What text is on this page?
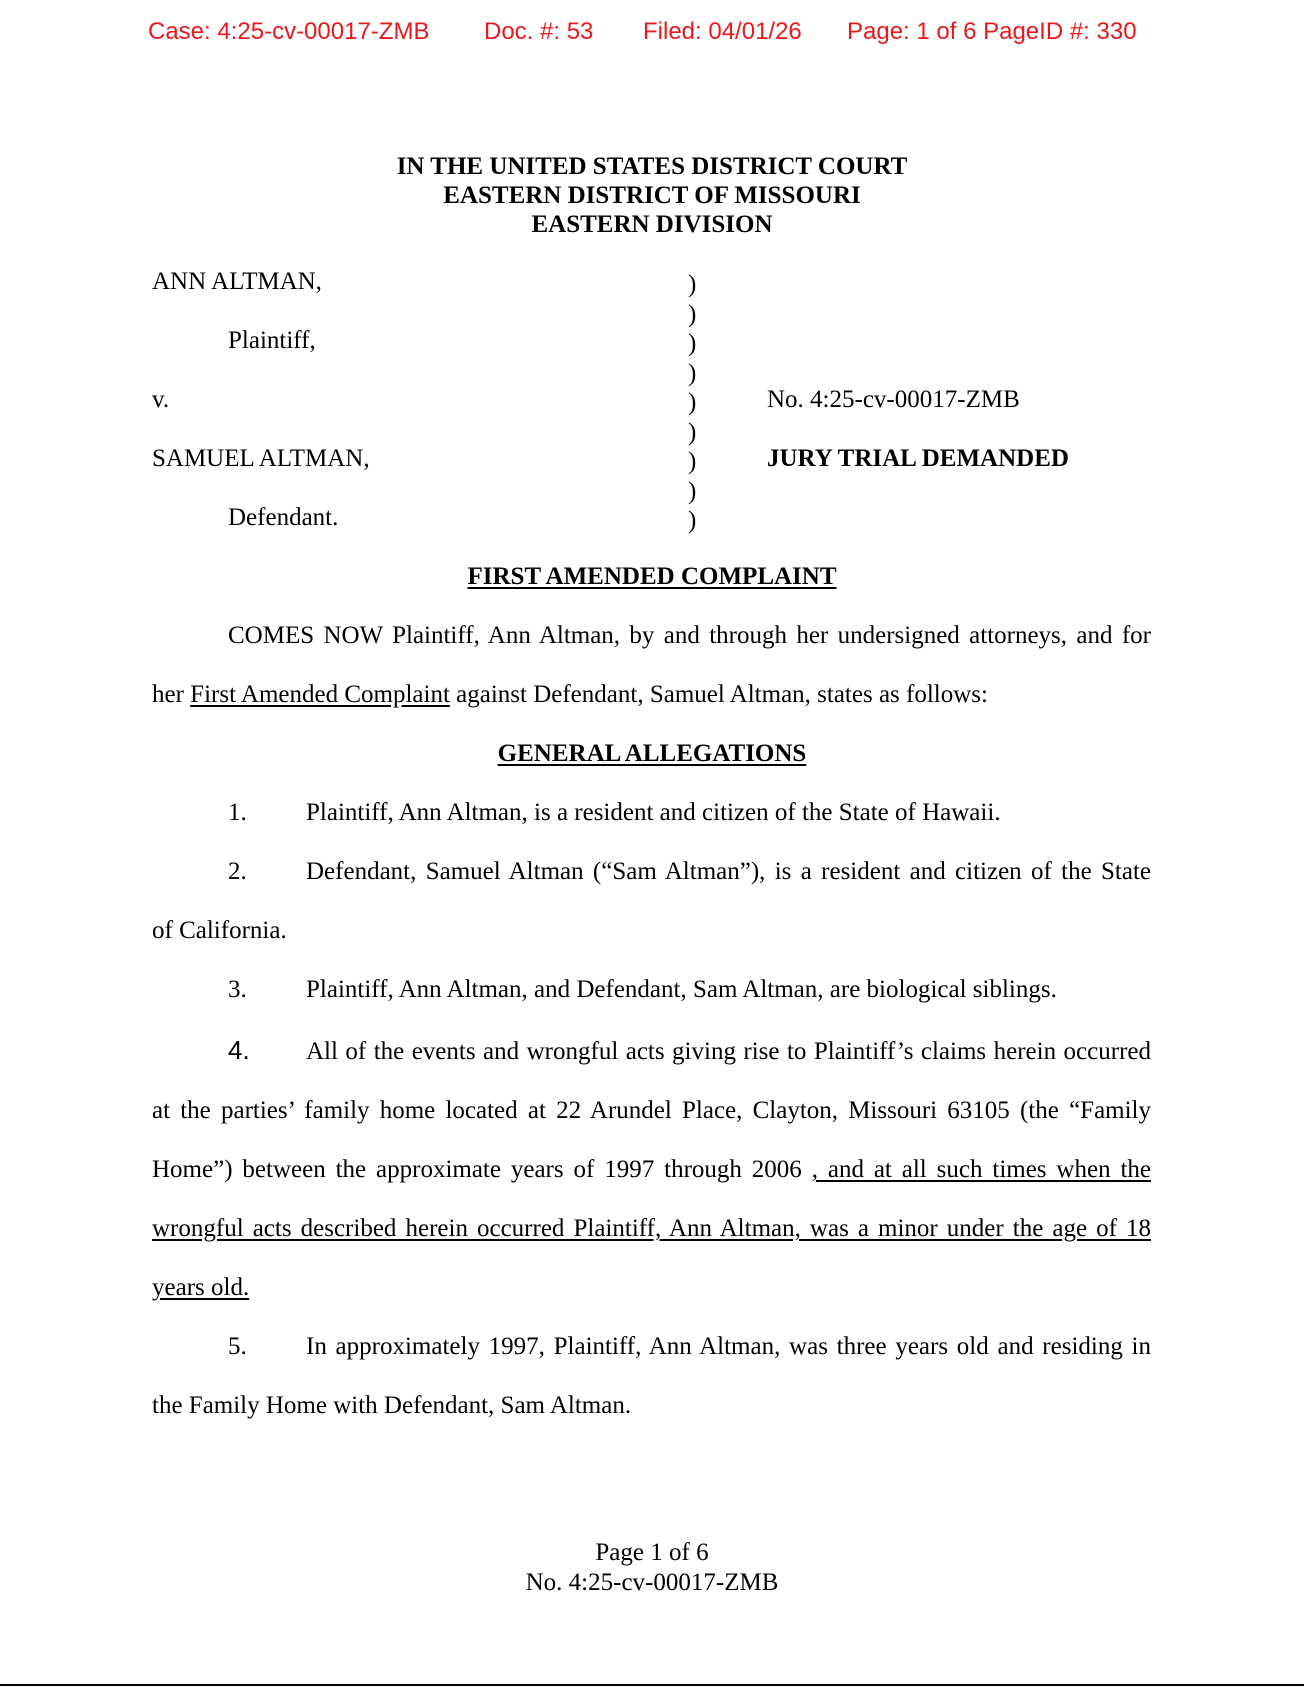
Case: 4:25-cv-00017-ZMB Doc. #: 53 Filed: 04/01/26 Page: 1 of 6 PageID #: 330
IN THE UNITED STATES DISTRICT COURT
EASTERN DISTRICT OF MISSOURI
EASTERN DIVISION
ANN ALTMAN,
Plaintiff,
v.
SAMUEL ALTMAN,
Defendant.
)
)
)
)
)
)
)
)
)
No. 4:25-cv-00017-ZMB
JURY TRIAL DEMANDED
FIRST AMENDED COMPLAINT
COMES NOW Plaintiff, Ann Altman, by and through her undersigned attorneys, and for
her First Amended Complaint against Defendant, Samuel Altman, states as follows:
GENERAL ALLEGATIONS
1. Plaintiff, Ann Altman, is a resident and citizen of the State of Hawaii.
2. Defendant, Samuel Altman (“Sam Altman”), is a resident and citizen of the State
of California.
3. Plaintiff, Ann Altman, and Defendant, Sam Altman, are biological siblings.
4. All of the events and wrongful acts giving rise to Plaintiff’s claims herein occurred
at the parties’ family home located at 22 Arundel Place, Clayton, Missouri 63105 (the “Family
Home”) between the approximate years of 1997 through 2006 , and at all such times when the
wrongful acts described herein occurred Plaintiff, Ann Altman, was a minor under the age of 18
years old.
5. In approximately 1997, Plaintiff, Ann Altman, was three years old and residing in
the Family Home with Defendant, Sam Altman.
Page 1 of 6
No. 4:25-cv-00017-ZMB
